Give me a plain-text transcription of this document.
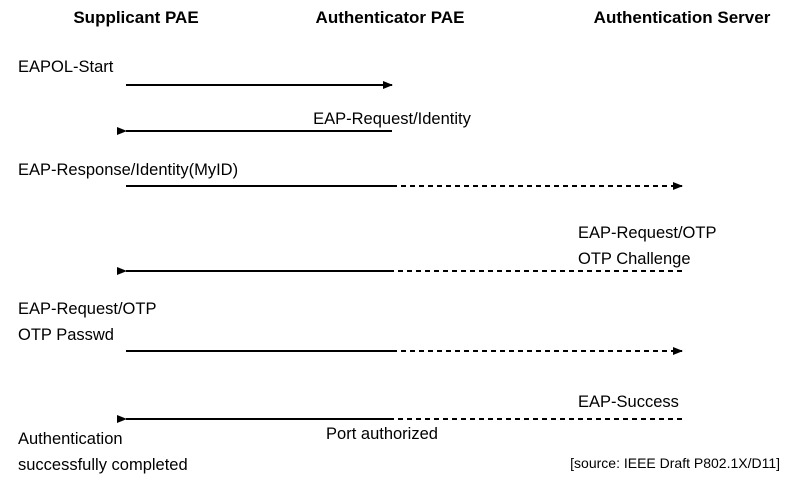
Supplicant PAE	Authenticator PAE	Authentication Server
EAPOL-Start
EAP-Request/Identity
EAP-Response/Identity(MyID)
EAP-Request/OTP
OTP Challenge
EAP-Request/OTP
OTP Passwd
EAP-Success
Port authorized
Authentication
successfully completed	[source: IEEE Draft P802.1X/D11]
